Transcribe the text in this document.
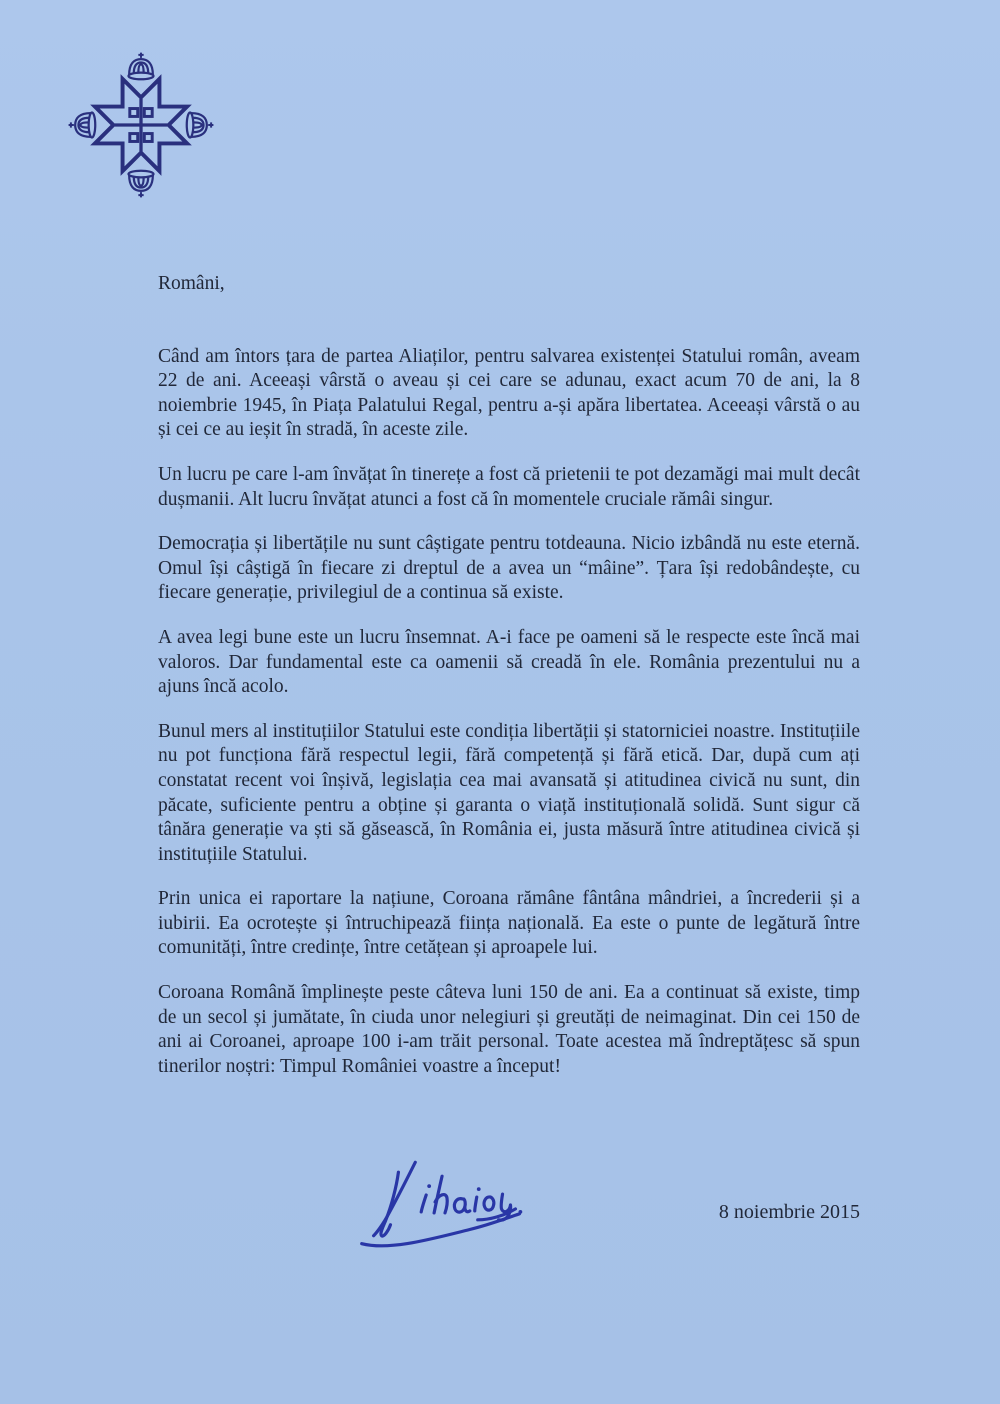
Români,

Când am întors țara de partea Aliaților, pentru salvarea existenței Statului român, aveam 22 de ani. Aceeași vârstă o aveau și cei care se adunau, exact acum 70 de ani, la 8 noiembrie 1945, în Piața Palatului Regal, pentru a-și apăra libertatea. Aceeași vârstă o au și cei ce au ieșit în stradă, în aceste zile.

Un lucru pe care l-am învățat în tinerețe a fost că prietenii te pot dezamăgi mai mult decât dușmanii. Alt lucru învățat atunci a fost că în momentele cruciale rămâi singur.

Democrația și libertățile nu sunt câștigate pentru totdeauna. Nicio izbândă nu este eternă. Omul își câștigă în fiecare zi dreptul de a avea un “mâine”. Țara își redobândește, cu fiecare generație, privilegiul de a continua să existe.

A avea legi bune este un lucru însemnat. A-i face pe oameni să le respecte este încă mai valoros. Dar fundamental este ca oamenii să creadă în ele. România prezentului nu a ajuns încă acolo.

Bunul mers al instituțiilor Statului este condiția libertății și statorniciei noastre. Instituțiile nu pot funcționa fără respectul legii, fără competență și fără etică. Dar, după cum ați constatat recent voi înșivă, legislația cea mai avansată și atitudinea civică nu sunt, din păcate, suficiente pentru a obține și garanta o viață instituțională solidă. Sunt sigur că tânăra generație va ști să găsească, în România ei, justa măsură între atitudinea civică și instituțiile Statului.

Prin unica ei raportare la națiune, Coroana rămâne fântâna mândriei, a încrederii și a iubirii. Ea ocrotește și întruchipează ființa națională. Ea este o punte de legătură între comunități, între credințe, între cetățean și aproapele lui.

Coroana Română împlinește peste câteva luni 150 de ani. Ea a continuat să existe, timp de un secol și jumătate, în ciuda unor nelegiuri și greutăți de neimaginat. Din cei 150 de ani ai Coroanei, aproape 100 i-am trăit personal. Toate acestea mă îndreptățesc să spun tinerilor noștri: Timpul României voastre a început!

8 noiembrie 2015
